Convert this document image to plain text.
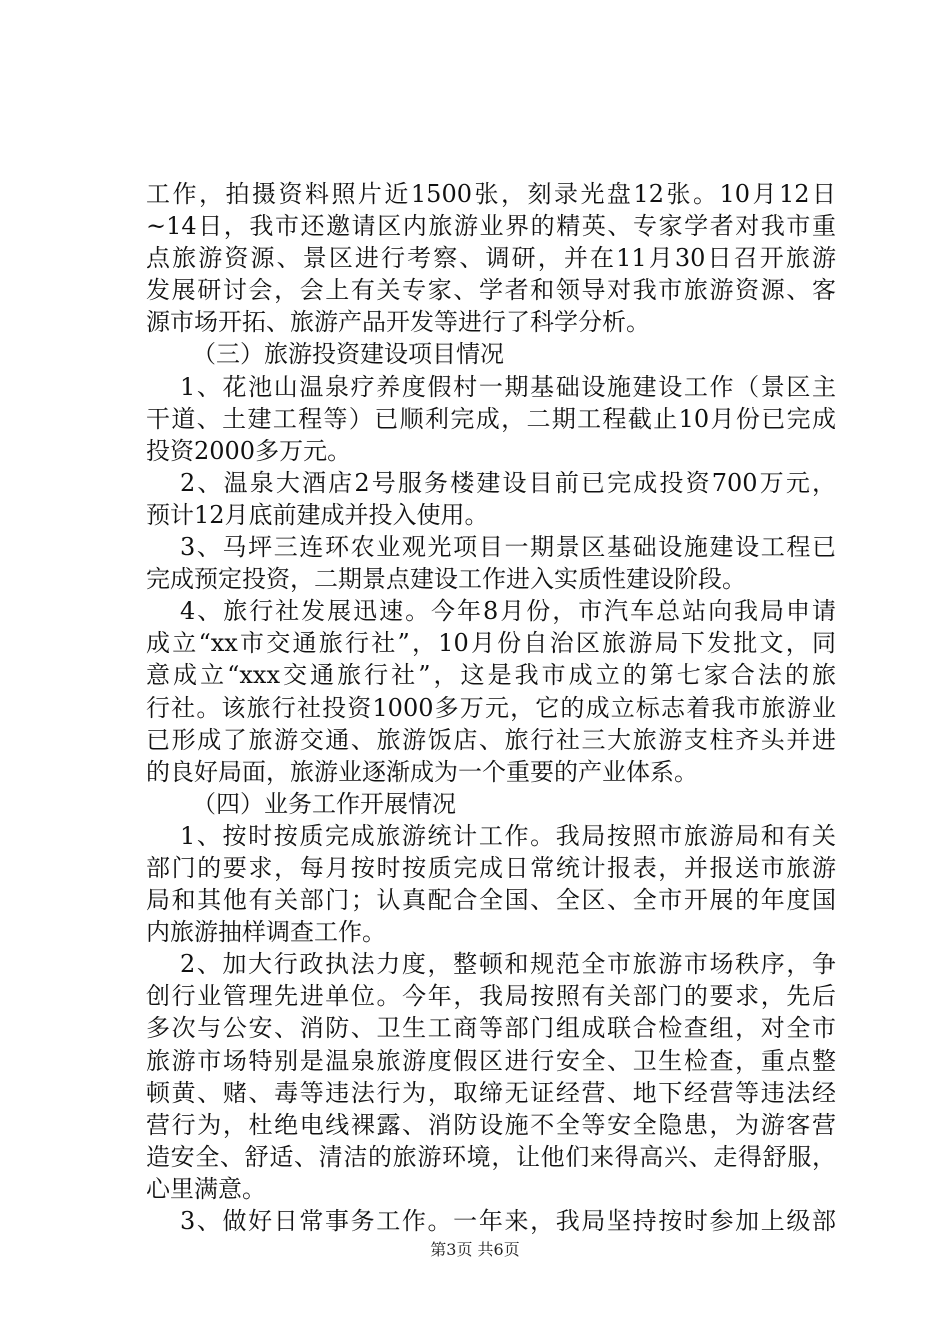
工作，拍摄资料照片近1500张，刻录光盘12张。10月12日
~14日，我市还邀请区内旅游业界的精英、专家学者对我市重
点旅游资源、景区进行考察、调研，并在11月30日召开旅游
发展研讨会，会上有关专家、学者和领导对我市旅游资源、客
源市场开拓、旅游产品开发等进行了科学分析。
（三）旅游投资建设项目情况
1、花池山温泉疗养度假村一期基础设施建设工作（景区主
干道、土建工程等）已顺利完成，二期工程截止10月份已完成
投资2000多万元。
2、温泉大酒店2号服务楼建设目前已完成投资700万元，
预计12月底前建成并投入使用。
3、马坪三连环农业观光项目一期景区基础设施建设工程已
完成预定投资，二期景点建设工作进入实质性建设阶段。
4、旅行社发展迅速。今年8月份，市汽车总站向我局申请
成立“xx市交通旅行社”，10月份自治区旅游局下发批文，同
意成立“xxx交通旅行社”，这是我市成立的第七家合法的旅
行社。该旅行社投资1000多万元，它的成立标志着我市旅游业
已形成了旅游交通、旅游饭店、旅行社三大旅游支柱齐头并进
的良好局面，旅游业逐渐成为一个重要的产业体系。
（四）业务工作开展情况
1、按时按质完成旅游统计工作。我局按照市旅游局和有关
部门的要求，每月按时按质完成日常统计报表，并报送市旅游
局和其他有关部门；认真配合全国、全区、全市开展的年度国
内旅游抽样调查工作。
2、加大行政执法力度，整顿和规范全市旅游市场秩序，争
创行业管理先进单位。今年，我局按照有关部门的要求，先后
多次与公安、消防、卫生工商等部门组成联合检查组，对全市
旅游市场特别是温泉旅游度假区进行安全、卫生检查，重点整
顿黄、赌、毒等违法行为，取缔无证经营、地下经营等违法经
营行为，杜绝电线裸露、消防设施不全等安全隐患，为游客营
造安全、舒适、清洁的旅游环境，让他们来得高兴、走得舒服，
心里满意。
3、做好日常事务工作。一年来，我局坚持按时参加上级部
第3页 共6页
